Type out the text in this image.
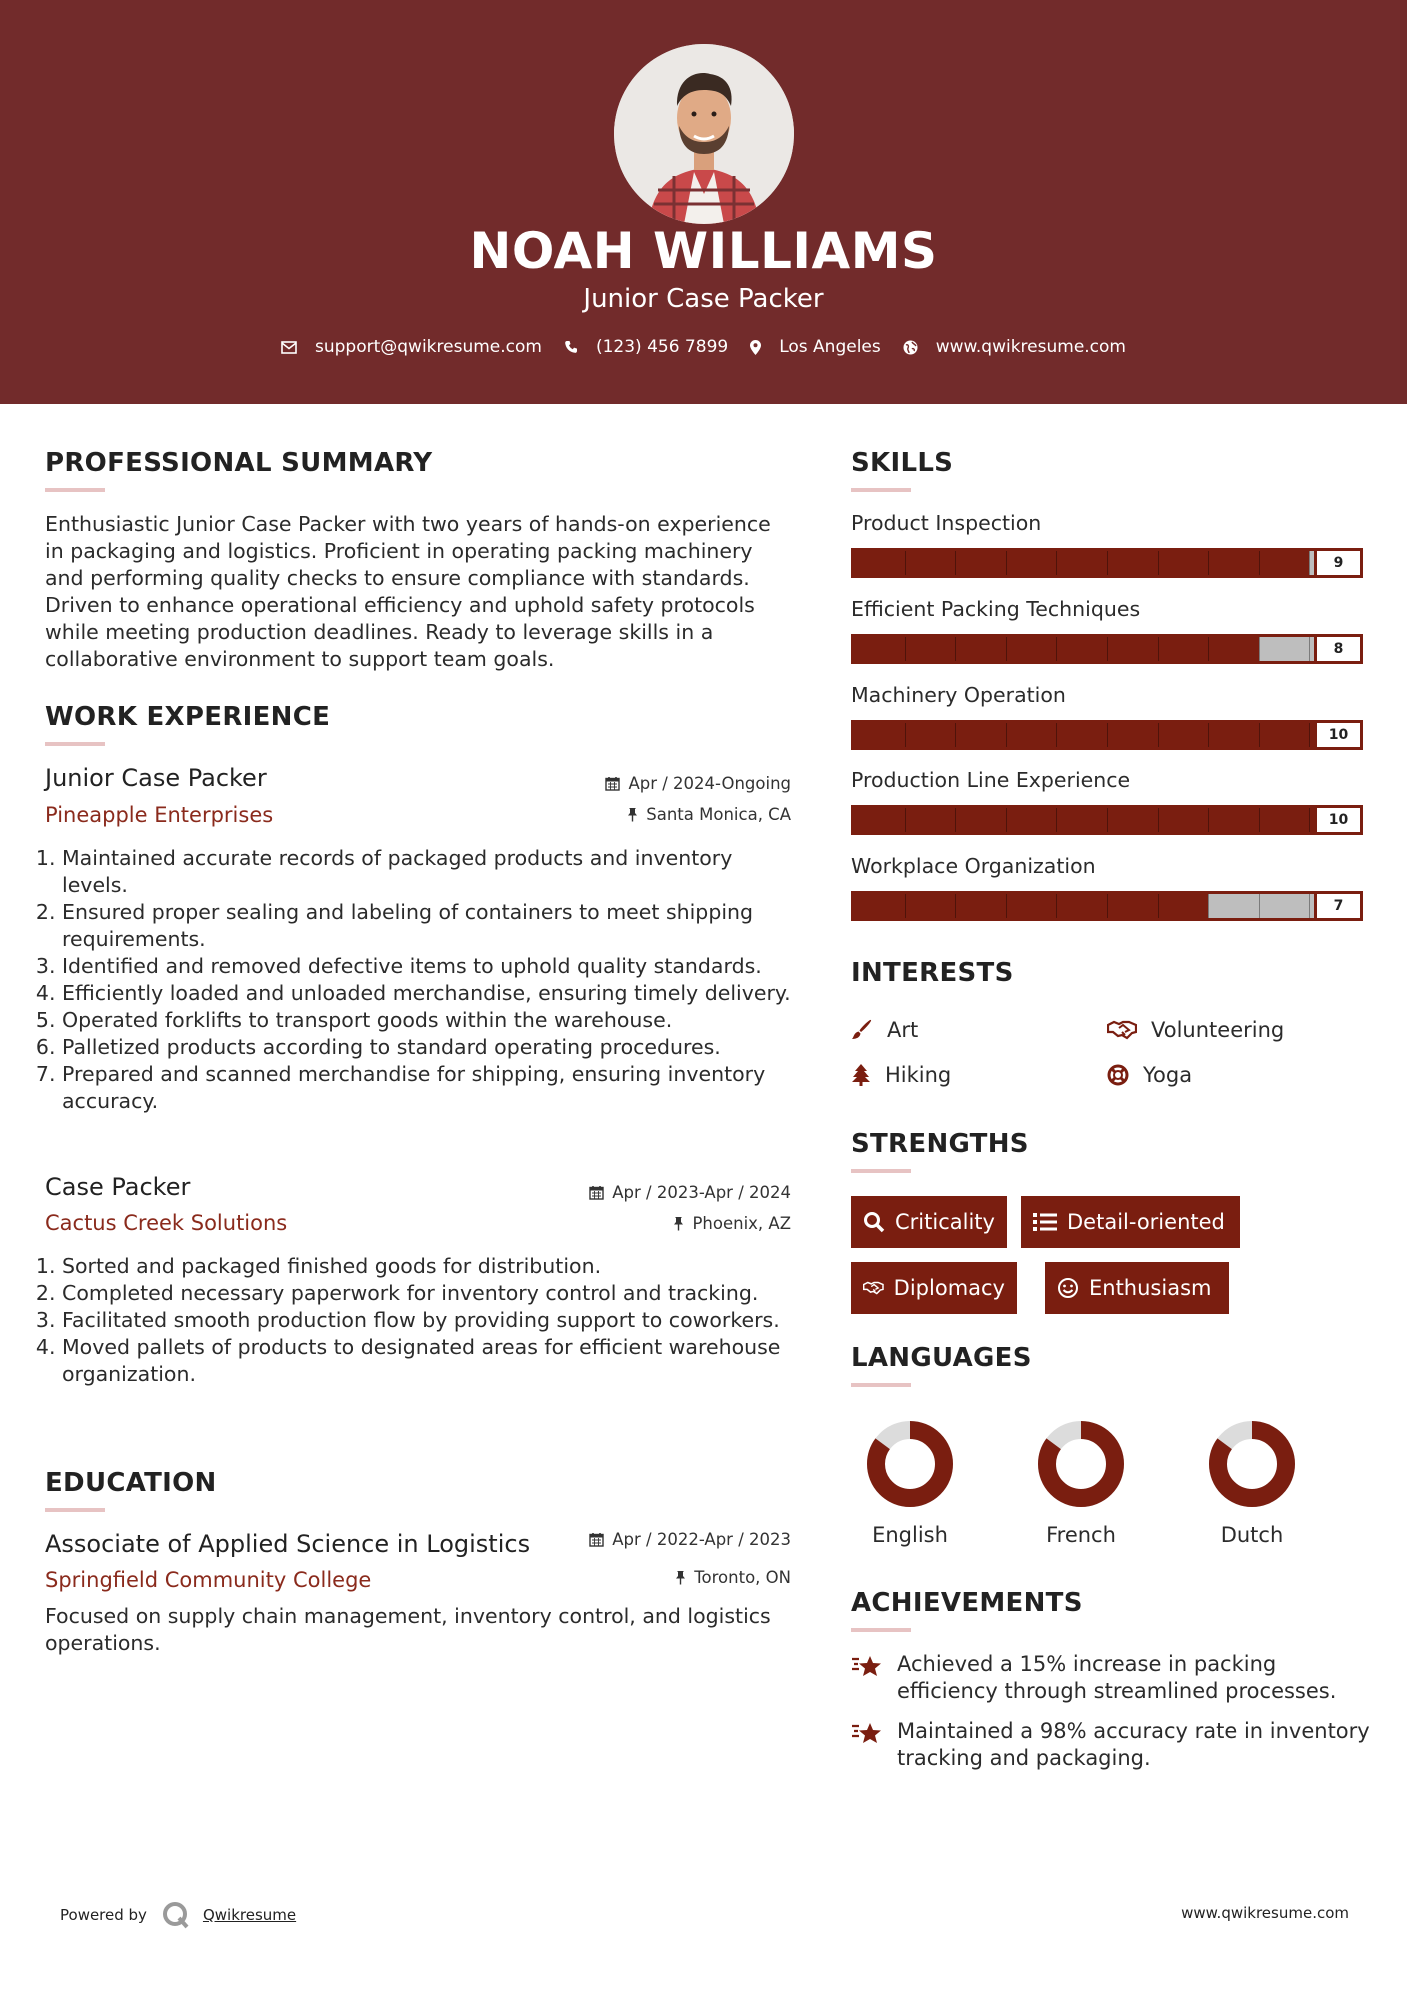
NOAH WILLIAMS
Junior Case Packer
support@qwikresume.com	(123) 456 7899	Los Angeles	www.qwikresume.com
PROFESSIONAL SUMMARY
Enthusiastic Junior Case Packer with two years of hands-on experience
in packaging and logistics. Proficient in operating packing machinery
and performing quality checks to ensure compliance with standards.
Driven to enhance operational efficiency and uphold safety protocols
while meeting production deadlines. Ready to leverage skills in a
collaborative environment to support team goals.
WORK EXPERIENCE
Junior Case Packer	Apr / 2024-Ongoing
Pineapple Enterprises	Santa Monica, CA
1. Maintained accurate records of packaged products and inventory levels.
2. Ensured proper sealing and labeling of containers to meet shipping requirements.
3. Identified and removed defective items to uphold quality standards.
4. Efficiently loaded and unloaded merchandise, ensuring timely delivery.
5. Operated forklifts to transport goods within the warehouse.
6. Palletized products according to standard operating procedures.
7. Prepared and scanned merchandise for shipping, ensuring inventory accuracy.
Case Packer	Apr / 2023-Apr / 2024
Cactus Creek Solutions	Phoenix, AZ
1. Sorted and packaged finished goods for distribution.
2. Completed necessary paperwork for inventory control and tracking.
3. Facilitated smooth production flow by providing support to coworkers.
4. Moved pallets of products to designated areas for efficient warehouse organization.
EDUCATION
Associate of Applied Science in Logistics	Apr / 2022-Apr / 2023
Springfield Community College	Toronto, ON
Focused on supply chain management, inventory control, and logistics
operations.
SKILLS
Product Inspection
9
Efficient Packing Techniques
8
Machinery Operation
10
Production Line Experience
10
Workplace Organization
7
INTERESTS
Art	Volunteering
Hiking	Yoga
STRENGTHS
Criticality	Detail-oriented
Diplomacy	Enthusiasm
LANGUAGES
English	French	Dutch
ACHIEVEMENTS
Achieved a 15% increase in packing
efficiency through streamlined processes.
Maintained a 98% accuracy rate in inventory
tracking and packaging.
Powered by	Qwikresume	www.qwikresume.com
